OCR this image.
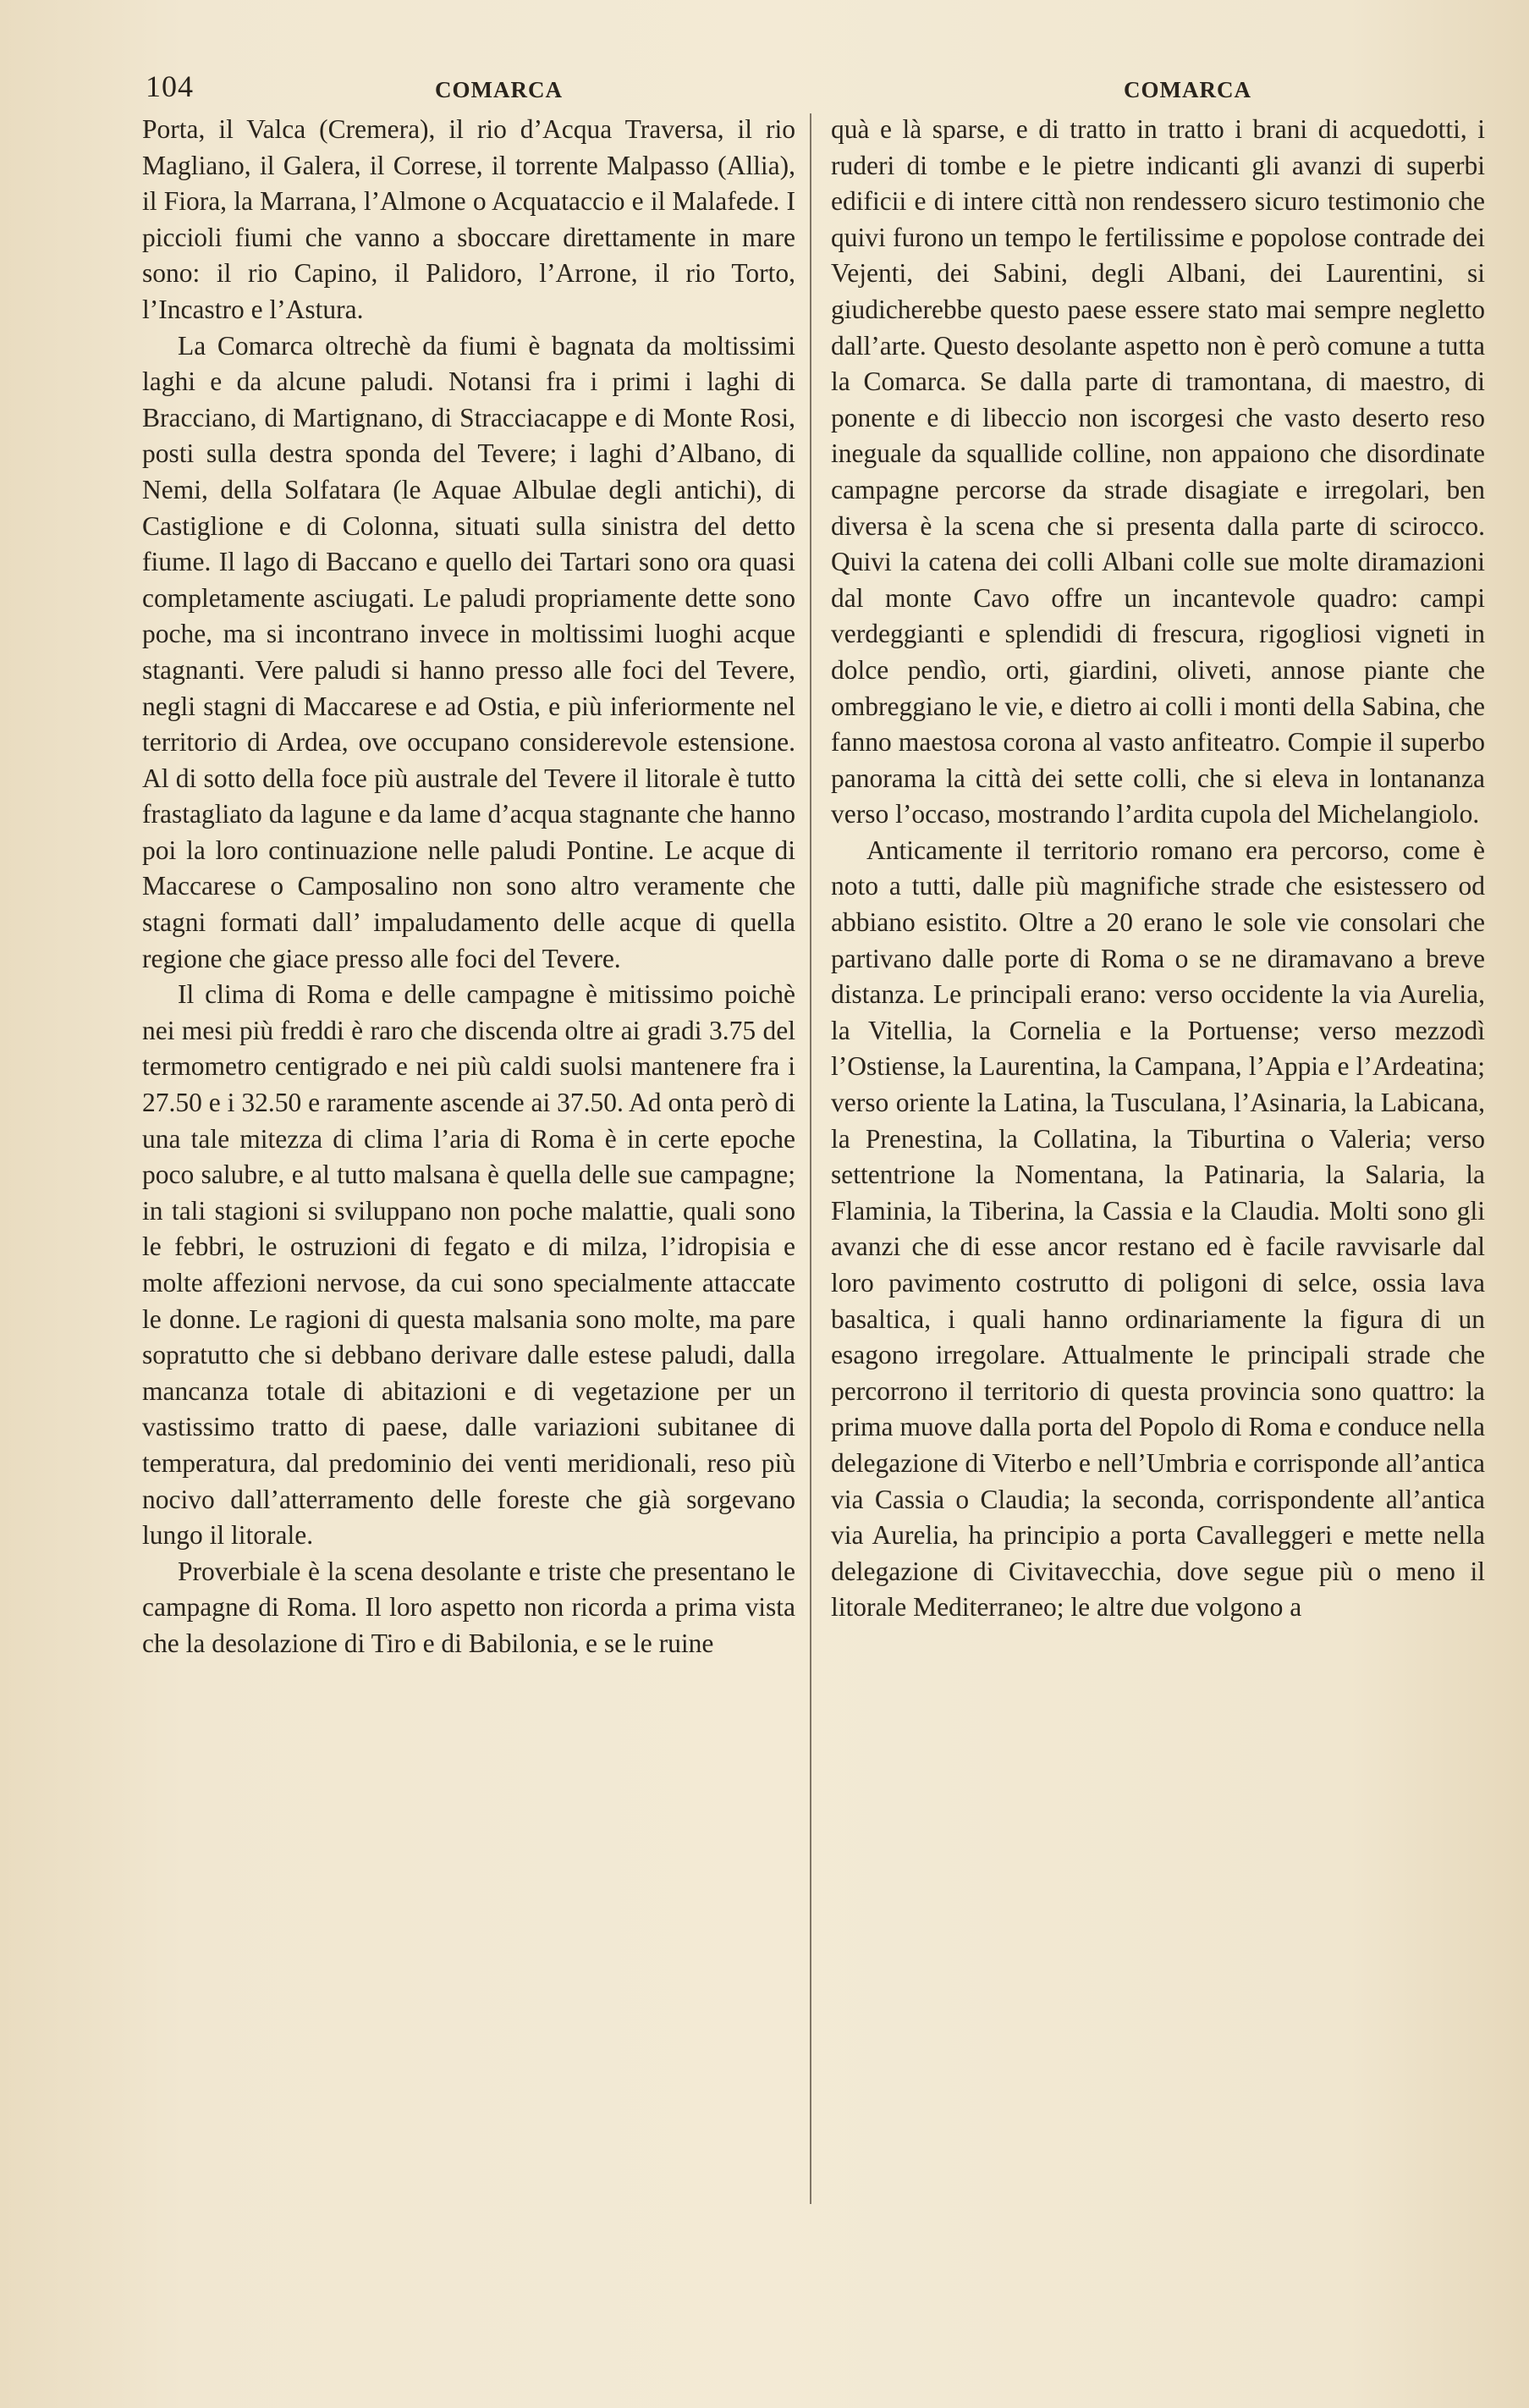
104	COMARCA	COMARCA

Porta, il Valca (Cremera), il rio d’Acqua Traversa, il rio Magliano, il Galera, il Correse, il torrente Malpasso (Allia), il Fiora, la Marrana, l’Almone o Acquataccio e il Malafede. I piccioli fiumi che vanno a sboccare direttamente in mare sono: il rio Capino, il Palidoro, l’Arrone, il rio Torto, l’Incastro e l’Astura.

La Comarca oltrechè da fiumi è bagnata da moltissimi laghi e da alcune paludi. Notansi fra i primi i laghi di Bracciano, di Martignano, di Stracciacappe e di Monte Rosi, posti sulla destra sponda del Tevere; i laghi d’Albano, di Nemi, della Solfatara (le Aquae Albulae degli antichi), di Castiglione e di Colonna, situati sulla sinistra del detto fiume. Il lago di Baccano e quello dei Tartari sono ora quasi completamente asciugati. Le paludi propriamente dette sono poche, ma si incontrano invece in moltissimi luoghi acque stagnanti. Vere paludi si hanno presso alle foci del Tevere, negli stagni di Maccarese e ad Ostia, e più inferiormente nel territorio di Ardea, ove occupano considerevole estensione. Al di sotto della foce più australe del Tevere il litorale è tutto frastagliato da lagune e da lame d’acqua stagnante che hanno poi la loro continuazione nelle paludi Pontine. Le acque di Maccarese o Camposalino non sono altro veramente che stagni formati dall’ impaludamento delle acque di quella regione che giace presso alle foci del Tevere.

Il clima di Roma e delle campagne è mitissimo poichè nei mesi più freddi è raro che discenda oltre ai gradi 3.75 del termometro centigrado e nei più caldi suolsi mantenere fra i 27.50 e i 32.50 e raramente ascende ai 37.50. Ad onta però di una tale mitezza di clima l’aria di Roma è in certe epoche poco salubre, e al tutto malsana è quella delle sue campagne; in tali stagioni si sviluppano non poche malattie, quali sono le febbri, le ostruzioni di fegato e di milza, l’idropisia e molte affezioni nervose, da cui sono specialmente attaccate le donne. Le ragioni di questa malsania sono molte, ma pare sopratutto che si debbano derivare dalle estese paludi, dalla mancanza totale di abitazioni e di vegetazione per un vastissimo tratto di paese, dalle variazioni subitanee di temperatura, dal predominio dei venti meridionali, reso più nocivo dall’atterramento delle foreste che già sorgevano lungo il litorale.

Proverbiale è la scena desolante e triste che presentano le campagne di Roma. Il loro aspetto non ricorda a prima vista che la desolazione di Tiro e di Babilonia, e se le ruine

quà e là sparse, e di tratto in tratto i brani di acquedotti, i ruderi di tombe e le pietre indicanti gli avanzi di superbi edificii e di intere città non rendessero sicuro testimonio che quivi furono un tempo le fertilissime e popolose contrade dei Vejenti, dei Sabini, degli Albani, dei Laurentini, si giudicherebbe questo paese essere stato mai sempre negletto dall’arte. Questo desolante aspetto non è però comune a tutta la Comarca. Se dalla parte di tramontana, di maestro, di ponente e di libeccio non iscorgesi che vasto deserto reso ineguale da squallide colline, non appaiono che disordinate campagne percorse da strade disagiate e irregolari, ben diversa è la scena che si presenta dalla parte di scirocco. Quivi la catena dei colli Albani colle sue molte diramazioni dal monte Cavo offre un incantevole quadro: campi verdeggianti e splendidi di frescura, rigogliosi vigneti in dolce pendìo, orti, giardini, oliveti, annose piante che ombreggiano le vie, e dietro ai colli i monti della Sabina, che fanno maestosa corona al vasto anfiteatro. Compie il superbo panorama la città dei sette colli, che si eleva in lontananza verso l’occaso, mostrando l’ardita cupola del Michelangiolo.

Anticamente il territorio romano era percorso, come è noto a tutti, dalle più magnifiche strade che esistessero od abbiano esistito. Oltre a 20 erano le sole vie consolari che partivano dalle porte di Roma o se ne diramavano a breve distanza. Le principali erano: verso occidente la via Aurelia, la Vitellia, la Cornelia e la Portuense; verso mezzodì l’Ostiense, la Laurentina, la Campana, l’Appia e l’Ardeatina; verso oriente la Latina, la Tusculana, l’Asinaria, la Labicana, la Prenestina, la Collatina, la Tiburtina o Valeria; verso settentrione la Nomentana, la Patinaria, la Salaria, la Flaminia, la Tiberina, la Cassia e la Claudia. Molti sono gli avanzi che di esse ancor restano ed è facile ravvisarle dal loro pavimento costrutto di poligoni di selce, ossia lava basaltica, i quali hanno ordinariamente la figura di un esagono irregolare. Attualmente le principali strade che percorrono il territorio di questa provincia sono quattro: la prima muove dalla porta del Popolo di Roma e conduce nella delegazione di Viterbo e nell’Umbria e corrisponde all’antica via Cassia o Claudia; la seconda, corrispondente all’antica via Aurelia, ha principio a porta Cavalleggeri e mette nella delegazione di Civitavecchia, dove segue più o meno il litorale Mediterraneo; le altre due volgono a
